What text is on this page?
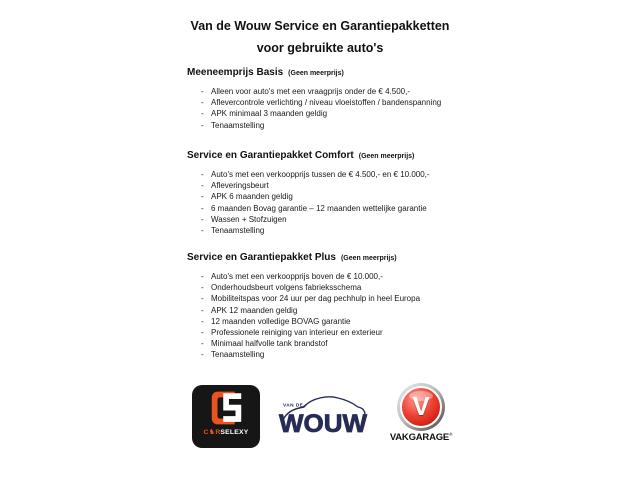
Van de Wouw Service en Garantiepakketten
voor gebruikte auto's
Meeneemprijs Basis (Geen meerprijs)
- Alleen voor auto's met een vraagprijs onder de € 4.500,-
- Aflevercontrole verlichting / niveau vloeistoffen / bandenspanning
- APK minimaal 3 maanden geldig
- Tenaamstelling
Service en Garantiepakket Comfort (Geen meerprijs)
- Auto's met een verkoopprijs tussen de € 4.500,- en € 10.000,-
- Afleveringsbeurt
- APK 6 maanden geldig
- 6 maanden Bovag garantie – 12 maanden wettelijke garantie
- Wassen + Stofzuigen
- Tenaamstelling
Service en Garantiepakket Plus (Geen meerprijs)
- Auto's met een verkoopprijs boven de € 10.000,-
- Onderhoudsbeurt volgens fabrieksschema
- Mobiliteitspas voor 24 uur per dag pechhulp in heel Europa
- APK 12 maanden geldig
- 12 maanden volledige BOVAG garantie
- Professionele reiniging van interieur en exterieur
- Minimaal halfvolle tank brandstof
- Tenaamstelling
C♞RSELEXY
VAN DE
WOUW
V
VAKGARAGE®
